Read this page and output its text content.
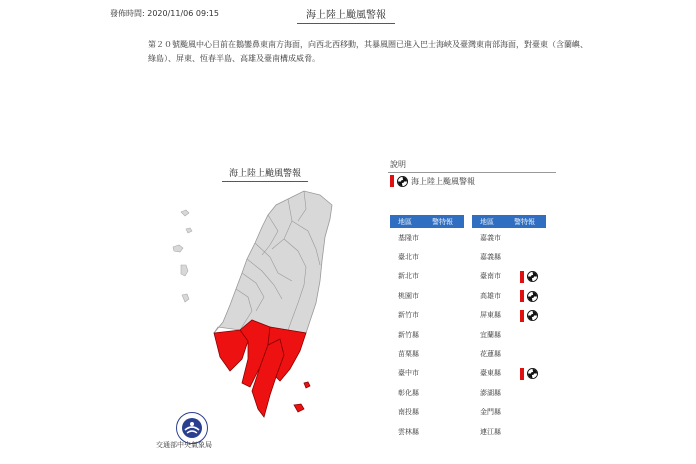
發佈時間: 2020/11/06 09:15	海上陸上颱風警報
第２０號颱風中心目前在鵝鑾鼻東南方海面，向西北西移動，其暴風圈已進入巴士海峽及臺灣東南部海面，對臺東（含蘭嶼、綠島）、屏東、恆春半島、高雄及臺南構成威脅。
海上陸上颱風警報
交通部中央氣象局
說明
海上陸上颱風警報
地區	警特報
基隆市
臺北市
新北市
桃園市
新竹市
新竹縣
苗栗縣
臺中市
彰化縣
南投縣
雲林縣
地區	警特報
嘉義市
嘉義縣
臺南市
高雄市
屏東縣
宜蘭縣
花蓮縣
臺東縣
澎湖縣
金門縣
連江縣
